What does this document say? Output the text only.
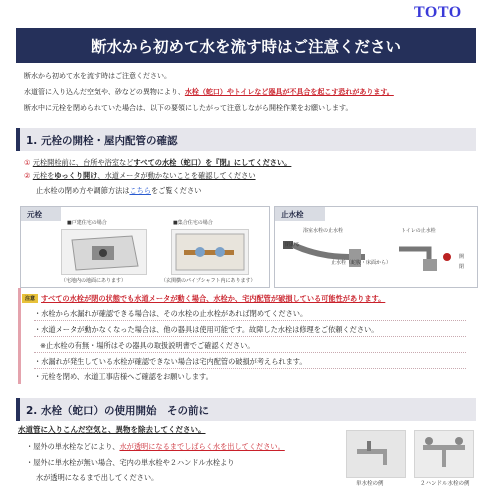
TOTO
断水から初めて水を流す時はご注意ください
断水から初めて水を流す時はご注意ください。
水道管に入り込んだ空気や、砂などの異物により、水栓（蛇口）やトイレなど器具が不具合を起こす恐れがあります。
断水中に元栓を閉められていた場合は、以下の要領にしたがって注意しながら開栓作業をお願いします。
1. 元栓の開栓・屋内配管の確認
① 元栓開栓前に、台所や浴室などすべての水栓（蛇口）を『閉』にしてください。
② 元栓をゆっくり開け、水道メータが動かないことを確認してください
止水栓の閉め方や調節方法はこちらをご覧ください
元栓
■戸建住宅の場合	■集合住宅の場合
（宅地内の地面にあります）	（玄関横のパイプシャフト内にあります）
止水栓
浴室水栓の止水栓	トイレの止水栓
閉める
止水栓（蛇腹・床面から）
開
閉
注意 すべての水栓が閉の状態でも水道メータが動く場合、水栓か、宅内配管が破損している可能性があります。
・水栓から水漏れが確認できる場合は、その水栓の止水栓があれば閉めてください。
・水道メータが動かなくなった場合は、他の器具は使用可能です。故障した水栓は修理をご依頼ください。
※止水栓の有無・場所はその器具の取扱説明書でご確認ください。
・水漏れが発生している水栓が確認できない場合は宅内配管の破損が考えられます。
・元栓を閉め、水道工事店様へご確認をお願いします。
2. 水栓（蛇口）の使用開始　その前に
水道管に入りこんだ空気と、異物を除去してください。
・屋外の単水栓などにより、水が透明になるまでしばらく水を出してください。
・屋外に単水栓が無い場合、宅内の単水栓や２ハンドル水栓より
水が透明になるまで出してください。
単水栓の例	２ハンドル水栓の例
